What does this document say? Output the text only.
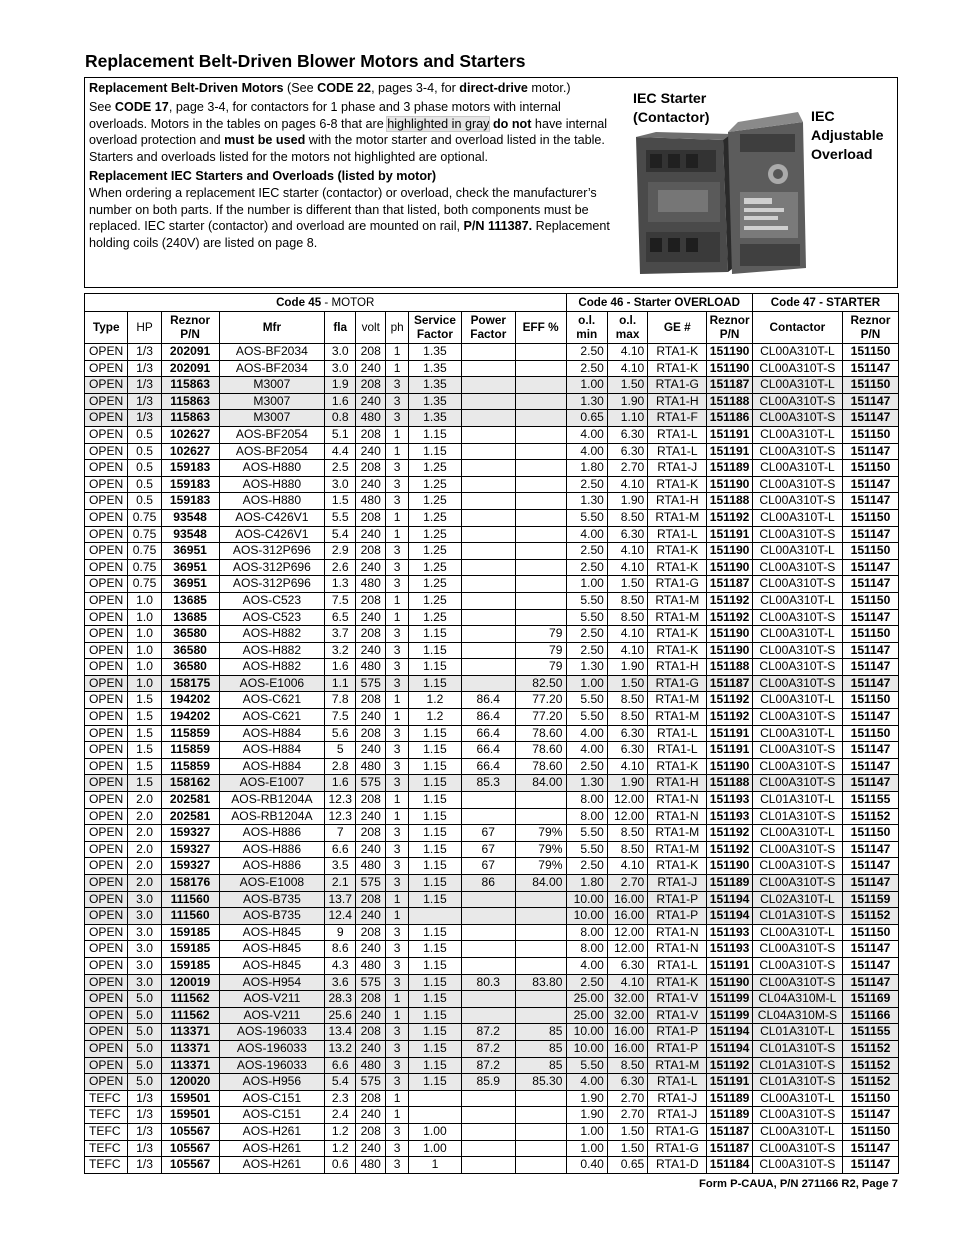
Replacement Belt-Driven Blower Motors and Starters

Replacement Belt-Driven Motors (See CODE 22, pages 3-4, for direct-drive motor.)

See CODE 17, page 3-4, for contactors for 1 phase and 3 phase motors with internal overloads. Motors in the tables on pages 6-8 that are highlighted in gray do not have internal overload protection and must be used with the motor starter and overload listed in the table. Starters and overloads listed for the motors not highlighted are optional.

Replacement IEC Starters and Overloads (listed by motor)

When ordering a replacement IEC starter (contactor) or overload, check the manufacturer’s number on both parts. If the number is different than that listed, both components must be replaced. IEC starter (contactor) and overload are mounted on rail, P/N 111387. Replacement holding coils (240V) are listed on page 8.

IEC Starter
(Contactor)	IEC
Adjustable
Overload
Code 45 - MOTOR										Code 46 - Starter OVERLOAD				Code 47 - STARTER	
Type	HP	Reznor P/N	Mfr	fla	volt	ph	Service Factor	Power Factor	EFF %	o.l. min	o.l. max	GE #	Reznor P/N	Contactor	Reznor P/N
OPEN	1/3	202091	AOS-BF2034	3.0	208	1	1.35			2.50	4.10	RTA1-K	151190	CL00A310T-L	151150
OPEN	1/3	202091	AOS-BF2034	3.0	240	1	1.35			2.50	4.10	RTA1-K	151190	CL00A310T-S	151147
OPEN	1/3	115863	M3007	1.9	208	3	1.35			1.00	1.50	RTA1-G	151187	CL00A310T-L	151150
OPEN	1/3	115863	M3007	1.6	240	3	1.35			1.30	1.90	RTA1-H	151188	CL00A310T-S	151147
OPEN	1/3	115863	M3007	0.8	480	3	1.35			0.65	1.10	RTA1-F	151186	CL00A310T-S	151147
OPEN	0.5	102627	AOS-BF2054	5.1	208	1	1.15			4.00	6.30	RTA1-L	151191	CL00A310T-L	151150
OPEN	0.5	102627	AOS-BF2054	4.4	240	1	1.15			4.00	6.30	RTA1-L	151191	CL00A310T-S	151147
OPEN	0.5	159183	AOS-H880	2.5	208	3	1.25			1.80	2.70	RTA1-J	151189	CL00A310T-L	151150
OPEN	0.5	159183	AOS-H880	3.0	240	3	1.25			2.50	4.10	RTA1-K	151190	CL00A310T-S	151147
OPEN	0.5	159183	AOS-H880	1.5	480	3	1.25			1.30	1.90	RTA1-H	151188	CL00A310T-S	151147
OPEN	0.75	93548	AOS-C426V1	5.5	208	1	1.25			5.50	8.50	RTA1-M	151192	CL00A310T-L	151150
OPEN	0.75	93548	AOS-C426V1	5.4	240	1	1.25			4.00	6.30	RTA1-L	151191	CL00A310T-S	151147
OPEN	0.75	36951	AOS-312P696	2.9	208	3	1.25			2.50	4.10	RTA1-K	151190	CL00A310T-L	151150
OPEN	0.75	36951	AOS-312P696	2.6	240	3	1.25			2.50	4.10	RTA1-K	151190	CL00A310T-S	151147
OPEN	0.75	36951	AOS-312P696	1.3	480	3	1.25			1.00	1.50	RTA1-G	151187	CL00A310T-S	151147
OPEN	1.0	13685	AOS-C523	7.5	208	1	1.25			5.50	8.50	RTA1-M	151192	CL00A310T-L	151150
OPEN	1.0	13685	AOS-C523	6.5	240	1	1.25			5.50	8.50	RTA1-M	151192	CL00A310T-S	151147
OPEN	1.0	36580	AOS-H882	3.7	208	3	1.15		79	2.50	4.10	RTA1-K	151190	CL00A310T-L	151150
OPEN	1.0	36580	AOS-H882	3.2	240	3	1.15		79	2.50	4.10	RTA1-K	151190	CL00A310T-S	151147
OPEN	1.0	36580	AOS-H882	1.6	480	3	1.15		79	1.30	1.90	RTA1-H	151188	CL00A310T-S	151147
OPEN	1.0	158175	AOS-E1006	1.1	575	3	1.15		82.50	1.00	1.50	RTA1-G	151187	CL00A310T-S	151147
OPEN	1.5	194202	AOS-C621	7.8	208	1	1.2	86.4	77.20	5.50	8.50	RTA1-M	151192	CL00A310T-L	151150
OPEN	1.5	194202	AOS-C621	7.5	240	1	1.2	86.4	77.20	5.50	8.50	RTA1-M	151192	CL00A310T-S	151147
OPEN	1.5	115859	AOS-H884	5.6	208	3	1.15	66.4	78.60	4.00	6.30	RTA1-L	151191	CL00A310T-L	151150
OPEN	1.5	115859	AOS-H884	5	240	3	1.15	66.4	78.60	4.00	6.30	RTA1-L	151191	CL00A310T-S	151147
OPEN	1.5	115859	AOS-H884	2.8	480	3	1.15	66.4	78.60	2.50	4.10	RTA1-K	151190	CL00A310T-S	151147
OPEN	1.5	158162	AOS-E1007	1.6	575	3	1.15	85.3	84.00	1.30	1.90	RTA1-H	151188	CL00A310T-S	151147
OPEN	2.0	202581	AOS-RB1204A	12.3	208	1	1.15			8.00	12.00	RTA1-N	151193	CL01A310T-L	151155
OPEN	2.0	202581	AOS-RB1204A	12.3	240	1	1.15			8.00	12.00	RTA1-N	151193	CL01A310T-S	151152
OPEN	2.0	159327	AOS-H886	7	208	3	1.15	67	79%	5.50	8.50	RTA1-M	151192	CL00A310T-L	151150
OPEN	2.0	159327	AOS-H886	6.6	240	3	1.15	67	79%	5.50	8.50	RTA1-M	151192	CL00A310T-S	151147
OPEN	2.0	159327	AOS-H886	3.5	480	3	1.15	67	79%	2.50	4.10	RTA1-K	151190	CL00A310T-S	151147
OPEN	2.0	158176	AOS-E1008	2.1	575	3	1.15	86	84.00	1.80	2.70	RTA1-J	151189	CL00A310T-S	151147
OPEN	3.0	111560	AOS-B735	13.7	208	1	1.15			10.00	16.00	RTA1-P	151194	CL02A310T-L	151159
OPEN	3.0	111560	AOS-B735	12.4	240	1				10.00	16.00	RTA1-P	151194	CL01A310T-S	151152
OPEN	3.0	159185	AOS-H845	9	208	3	1.15			8.00	12.00	RTA1-N	151193	CL00A310T-L	151150
OPEN	3.0	159185	AOS-H845	8.6	240	3	1.15			8.00	12.00	RTA1-N	151193	CL00A310T-S	151147
OPEN	3.0	159185	AOS-H845	4.3	480	3	1.15			4.00	6.30	RTA1-L	151191	CL00A310T-S	151147
OPEN	3.0	120019	AOS-H954	3.6	575	3	1.15	80.3	83.80	2.50	4.10	RTA1-K	151190	CL00A310T-S	151147
OPEN	5.0	111562	AOS-V211	28.3	208	1	1.15			25.00	32.00	RTA1-V	151199	CL04A310M-L	151169
OPEN	5.0	111562	AOS-V211	25.6	240	1	1.15			25.00	32.00	RTA1-V	151199	CL04A310M-S	151166
OPEN	5.0	113371	AOS-196033	13.4	208	3	1.15	87.2	85	10.00	16.00	RTA1-P	151194	CL01A310T-L	151155
OPEN	5.0	113371	AOS-196033	13.2	240	3	1.15	87.2	85	10.00	16.00	RTA1-P	151194	CL01A310T-S	151152
OPEN	5.0	113371	AOS-196033	6.6	480	3	1.15	87.2	85	5.50	8.50	RTA1-M	151192	CL01A310T-S	151152
OPEN	5.0	120020	AOS-H956	5.4	575	3	1.15	85.9	85.30	4.00	6.30	RTA1-L	151191	CL01A310T-S	151152
TEFC	1/3	159501	AOS-C151	2.3	208	1				1.90	2.70	RTA1-J	151189	CL00A310T-L	151150
TEFC	1/3	159501	AOS-C151	2.4	240	1				1.90	2.70	RTA1-J	151189	CL00A310T-S	151147
TEFC	1/3	105567	AOS-H261	1.2	208	3	1.00			1.00	1.50	RTA1-G	151187	CL00A310T-L	151150
TEFC	1/3	105567	AOS-H261	1.2	240	3	1.00			1.00	1.50	RTA1-G	151187	CL00A310T-S	151147
TEFC	1/3	105567	AOS-H261	0.6	480	3	1			0.40	0.65	RTA1-D	151184	CL00A310T-S	151147
Form P-CAUA, P/N 271166 R2, Page 7
